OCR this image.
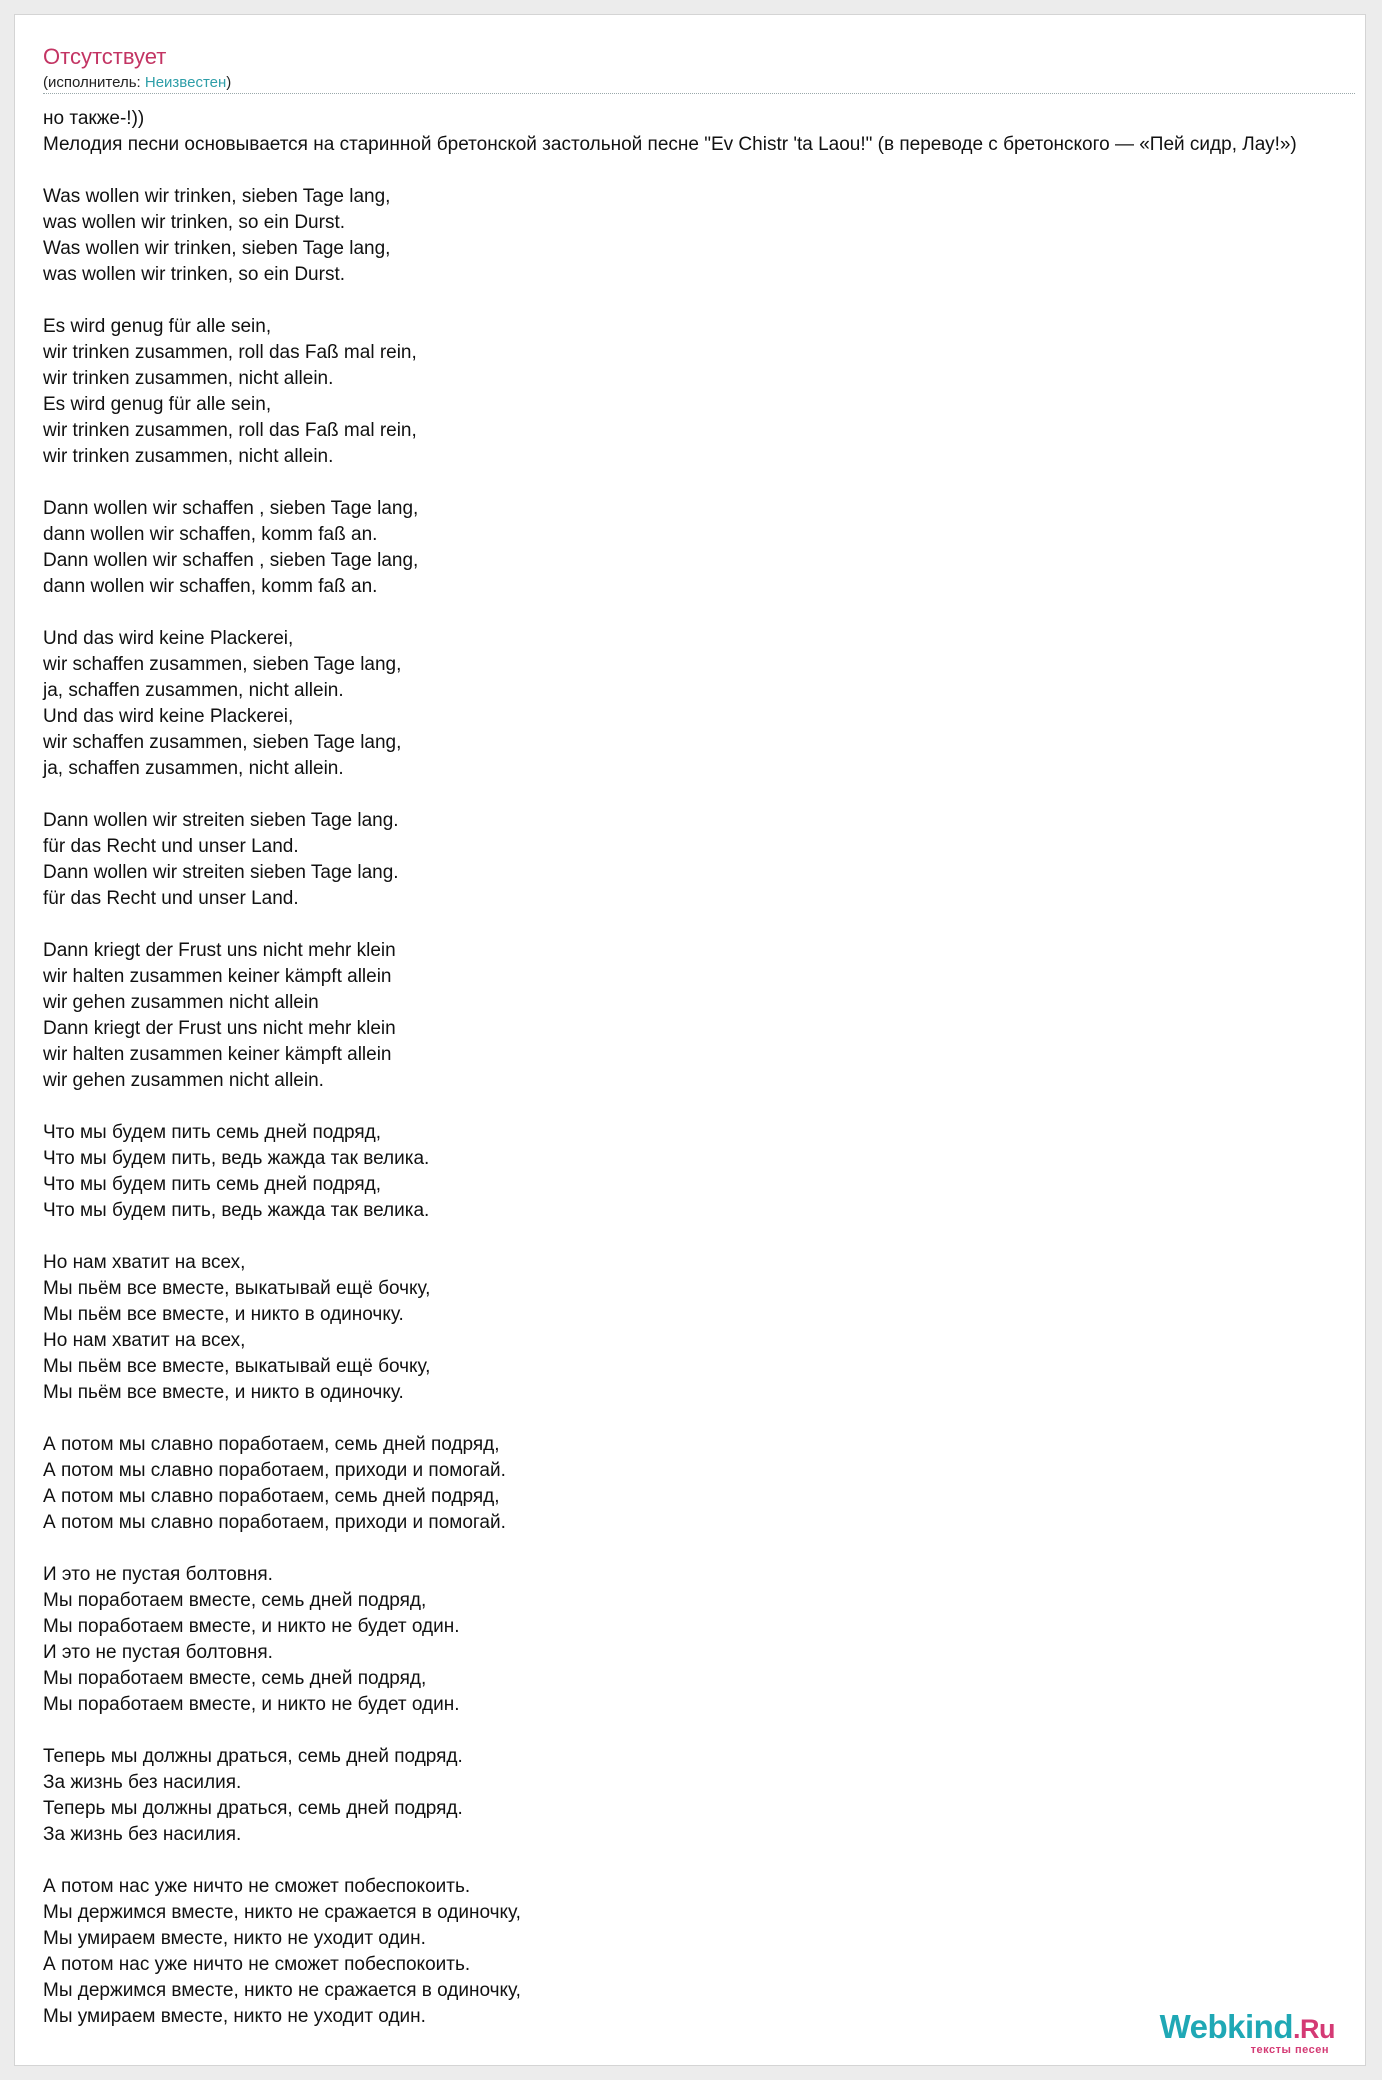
Отсутствует
(исполнитель: Неизвестен)
но также-!))
Мелодия песни основывается на старинной бретонской застольной песне "Ev Chistr 'ta Laou!" (в переводе с бретонского — «Пей сидр, Лау!»)
Was wollen wir trinken, sieben Tage lang,
was wollen wir trinken, so ein Durst.
Was wollen wir trinken, sieben Tage lang,
was wollen wir trinken, so ein Durst.
Es wird genug für alle sein,
wir trinken zusammen, roll das Faß mal rein,
wir trinken zusammen, nicht allein.
Es wird genug für alle sein,
wir trinken zusammen, roll das Faß mal rein,
wir trinken zusammen, nicht allein.
Dann wollen wir schaffen , sieben Tage lang,
dann wollen wir schaffen, komm faß an.
Dann wollen wir schaffen , sieben Tage lang,
dann wollen wir schaffen, komm faß an.
Und das wird keine Plackerei,
wir schaffen zusammen, sieben Tage lang,
ja, schaffen zusammen, nicht allein.
Und das wird keine Plackerei,
wir schaffen zusammen, sieben Tage lang,
ja, schaffen zusammen, nicht allein.
Dann wollen wir streiten sieben Tage lang.
für das Recht und unser Land.
Dann wollen wir streiten sieben Tage lang.
für das Recht und unser Land.
Dann kriegt der Frust uns nicht mehr klein
wir halten zusammen keiner kämpft allein
wir gehen zusammen nicht allein
Dann kriegt der Frust uns nicht mehr klein
wir halten zusammen keiner kämpft allein
wir gehen zusammen nicht allein.
Что мы будем пить семь дней подряд,
Что мы будем пить, ведь жажда так велика.
Что мы будем пить семь дней подряд,
Что мы будем пить, ведь жажда так велика.
Но нам хватит на всех,
Мы пьём все вместе, выкатывай ещё бочку,
Мы пьём все вместе, и никто в одиночку.
Но нам хватит на всех,
Мы пьём все вместе, выкатывай ещё бочку,
Мы пьём все вместе, и никто в одиночку.
А потом мы славно поработаем, семь дней подряд,
А потом мы славно поработаем, приходи и помогай.
А потом мы славно поработаем, семь дней подряд,
А потом мы славно поработаем, приходи и помогай.
И это не пустая болтовня.
Мы поработаем вместе, семь дней подряд,
Мы поработаем вместе, и никто не будет один.
И это не пустая болтовня.
Мы поработаем вместе, семь дней подряд,
Мы поработаем вместе, и никто не будет один.
Теперь мы должны драться, семь дней подряд.
За жизнь без насилия.
Теперь мы должны драться, семь дней подряд.
За жизнь без насилия.
А потом нас уже ничто не сможет побеспокоить.
Мы держимся вместе, никто не сражается в одиночку,
Мы умираем вместе, никто не уходит один.
А потом нас уже ничто не сможет побеспокоить.
Мы держимся вместе, никто не сражается в одиночку,
Мы умираем вместе, никто не уходит один.	Webkind.Ru
тексты песен
